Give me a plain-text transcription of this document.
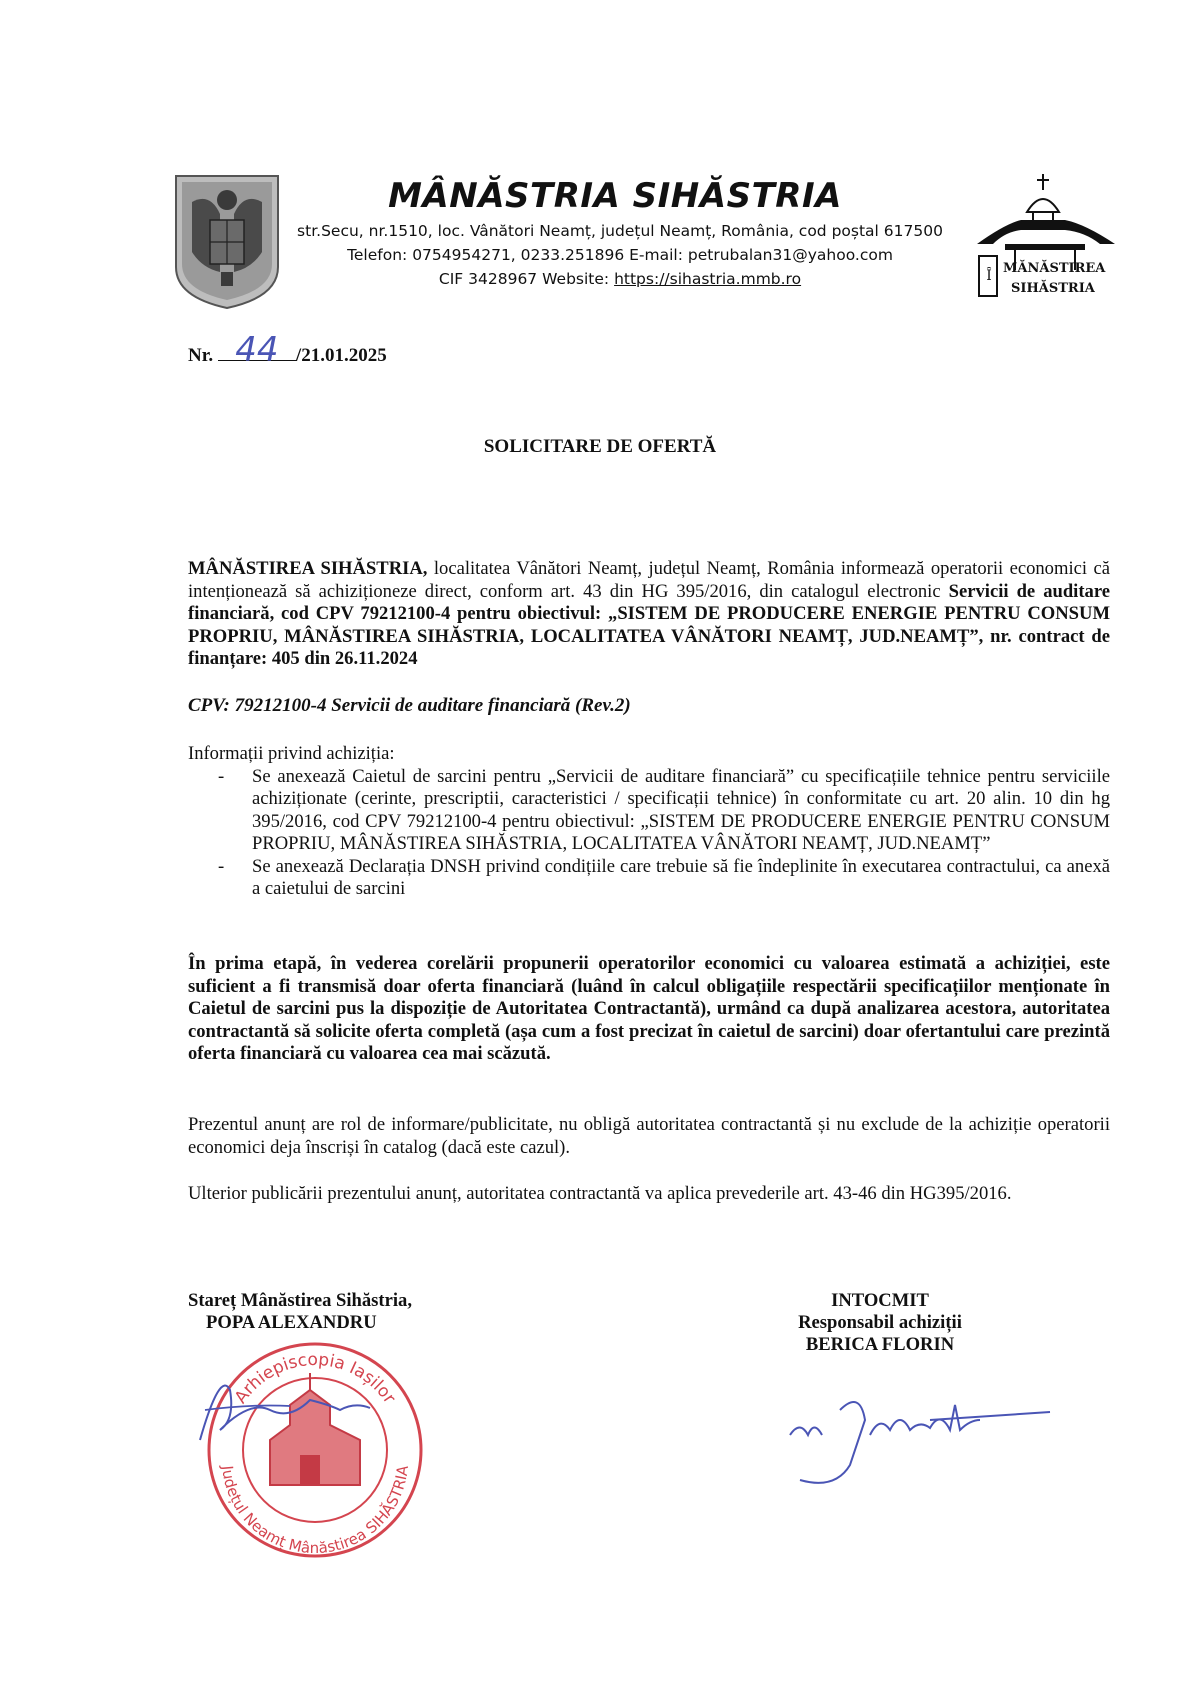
MÂNĂSTRIA SIHĂSTRIA
str.Secu, nr.1510, loc. Vânători Neamț, județul Neamț, România, cod poștal 617500
Telefon: 0754954271, 0233.251896 E-mail: petrubalan31@yahoo.com
CIF 3428967 Website: https://sihastria.mmb.ro	Ȋ MĂNĂSTIREA
SIHĂSTRIA
Nr. 44 /21.01.2025
SOLICITARE DE OFERTĂ
MÂNĂSTIREA SIHĂSTRIA, localitatea Vânători Neamț, județul Neamț, România informează operatorii economici că intenționează să achiziționeze direct, conform art. 43 din HG 395/2016, din catalogul electronic Servicii de auditare financiară, cod CPV 79212100-4 pentru obiectivul: „SISTEM DE PRODUCERE ENERGIE PENTRU CONSUM PROPRIU, MÂNĂSTIREA SIHĂSTRIA, LOCALITATEA VÂNĂTORI NEAMȚ, JUD.NEAMȚ”, nr. contract de finanțare: 405 din 26.11.2024
CPV: 79212100-4 Servicii de auditare financiară (Rev.2)
Informații privind achiziția:
- Se anexează Caietul de sarcini pentru „Servicii de auditare financiară” cu specificațiile tehnice pentru serviciile achiziționate (cerinte, prescriptii, caracteristici / specificații tehnice) în conformitate cu art. 20 alin. 10 din hg 395/2016, cod CPV 79212100-4 pentru obiectivul: „SISTEM DE PRODUCERE ENERGIE PENTRU CONSUM PROPRIU, MÂNĂSTIREA SIHĂSTRIA, LOCALITATEA VÂNĂTORI NEAMȚ, JUD.NEAMȚ”
- Se anexează Declarația DNSH privind condițiile care trebuie să fie îndeplinite în executarea contractului, ca anexă a caietului de sarcini
În prima etapă, în vederea corelării propunerii operatorilor economici cu valoarea estimată a achiziției, este suficient a fi transmisă doar oferta financiară (luând în calcul obligațiile respectării specificațiilor menționate în Caietul de sarcini pus la dispoziție de Autoritatea Contractantă), urmând ca după analizarea acestora, autoritatea contractantă să solicite oferta completă (așa cum a fost precizat în caietul de sarcini) doar ofertantului care prezintă oferta financiară cu valoarea cea mai scăzută.
Prezentul anunț are rol de informare/publicitate, nu obligă autoritatea contractantă și nu exclude de la achiziție operatorii economici deja înscriși în catalog (dacă este cazul).
Ulterior publicării prezentului anunț, autoritatea contractantă va aplica prevederile art. 43-46 din HG395/2016.
Stareț Mânăstirea Sihăstria,
POPA ALEXANDRU
INTOCMIT
Responsabil achiziții
BERICA FLORIN
Arhiepiscopia Iașilor
Județul Neamț Mânăstirea SIHĂSTRIA
